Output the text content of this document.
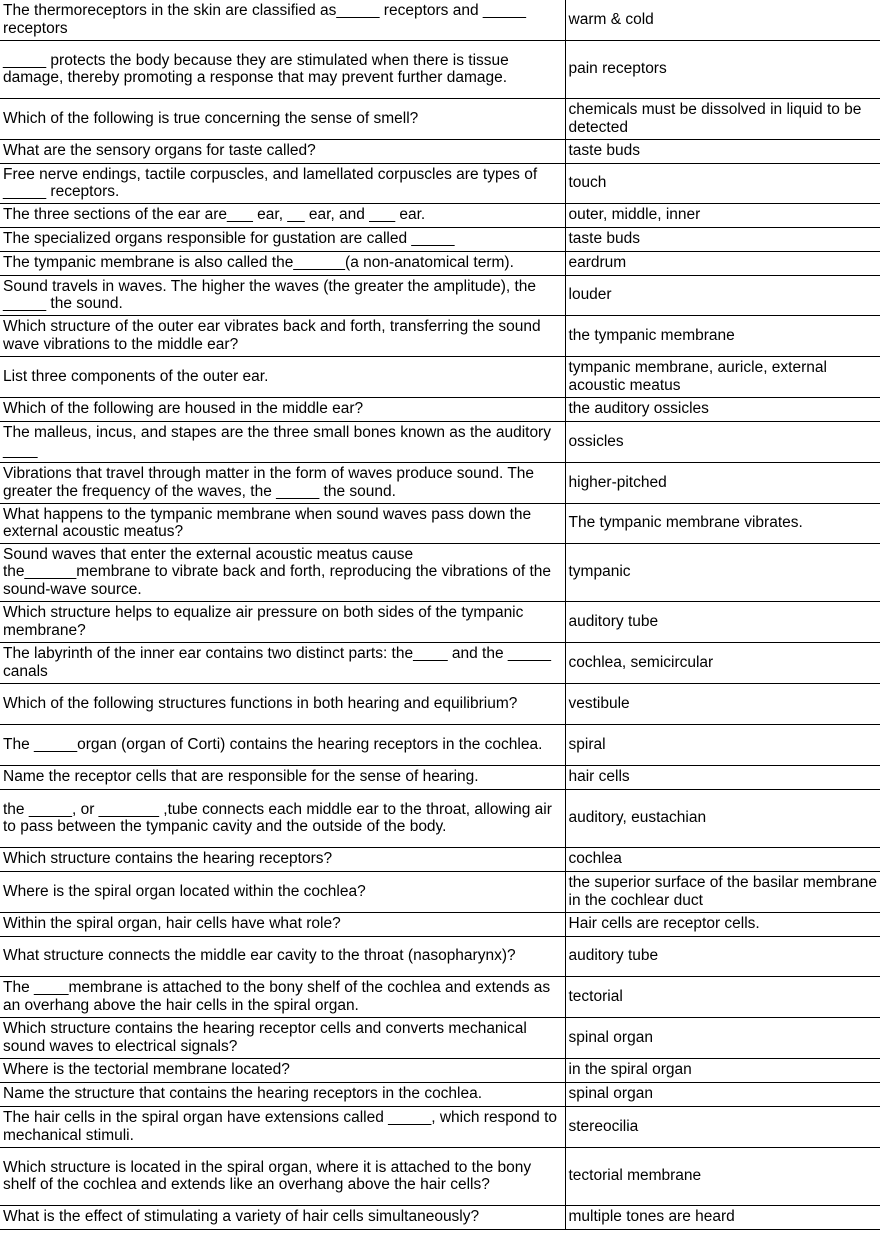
The thermoreceptors in the skin are classified as_____ receptors and _____ receptors	warm & cold
_____ protects the body because they are stimulated when there is tissue damage, thereby promoting a response that may prevent further damage.	pain receptors
Which of the following is true concerning the sense of smell?	chemicals must be dissolved in liquid to be detected
What are the sensory organs for taste called?	taste buds
Free nerve endings, tactile corpuscles, and lamellated corpuscles are types of _____ receptors.	touch
The three sections of the ear are___ ear, __ ear, and ___ ear.	outer, middle, inner
The specialized organs responsible for gustation are called _____	taste buds
The tympanic membrane is also called the______(a non-anatomical term).	eardrum
Sound travels in waves. The higher the waves (the greater the amplitude), the _____ the sound.	louder
Which structure of the outer ear vibrates back and forth, transferring the sound wave vibrations to the middle ear?	the tympanic membrane
List three components of the outer ear.	tympanic membrane, auricle, external acoustic meatus
Which of the following are housed in the middle ear?	the auditory ossicles
The malleus, incus, and stapes are the three small bones known as the auditory ____	ossicles
Vibrations that travel through matter in the form of waves produce sound. The greater the frequency of the waves, the _____ the sound.	higher-pitched
What happens to the tympanic membrane when sound waves pass down the external acoustic meatus?	The tympanic membrane vibrates.
Sound waves that enter the external acoustic meatus cause the______membrane to vibrate back and forth, reproducing the vibrations of the sound-wave source.	tympanic
Which structure helps to equalize air pressure on both sides of the tympanic membrane?	auditory tube
The labyrinth of the inner ear contains two distinct parts: the____ and the _____ canals	cochlea, semicircular
Which of the following structures functions in both hearing and equilibrium?	vestibule
The _____organ (organ of Corti) contains the hearing receptors in the cochlea.	spiral
Name the receptor cells that are responsible for the sense of hearing.	hair cells
the _____, or _______ ,tube connects each middle ear to the throat, allowing air to pass between the tympanic cavity and the outside of the body.	auditory, eustachian
Which structure contains the hearing receptors?	cochlea
Where is the spiral organ located within the cochlea?	the superior surface of the basilar membrane in the cochlear duct
Within the spiral organ, hair cells have what role?	Hair cells are receptor cells.
What structure connects the middle ear cavity to the throat (nasopharynx)?	auditory tube
The ____membrane is attached to the bony shelf of the cochlea and extends as an overhang above the hair cells in the spiral organ.	tectorial
Which structure contains the hearing receptor cells and converts mechanical sound waves to electrical signals?	spinal organ
Where is the tectorial membrane located?	in the spiral organ
Name the structure that contains the hearing receptors in the cochlea.	spinal organ
The hair cells in the spiral organ have extensions called _____, which respond to mechanical stimuli.	stereocilia
Which structure is located in the spiral organ, where it is attached to the bony shelf of the cochlea and extends like an overhang above the hair cells?	tectorial membrane
What is the effect of stimulating a variety of hair cells simultaneously?	multiple tones are heard
